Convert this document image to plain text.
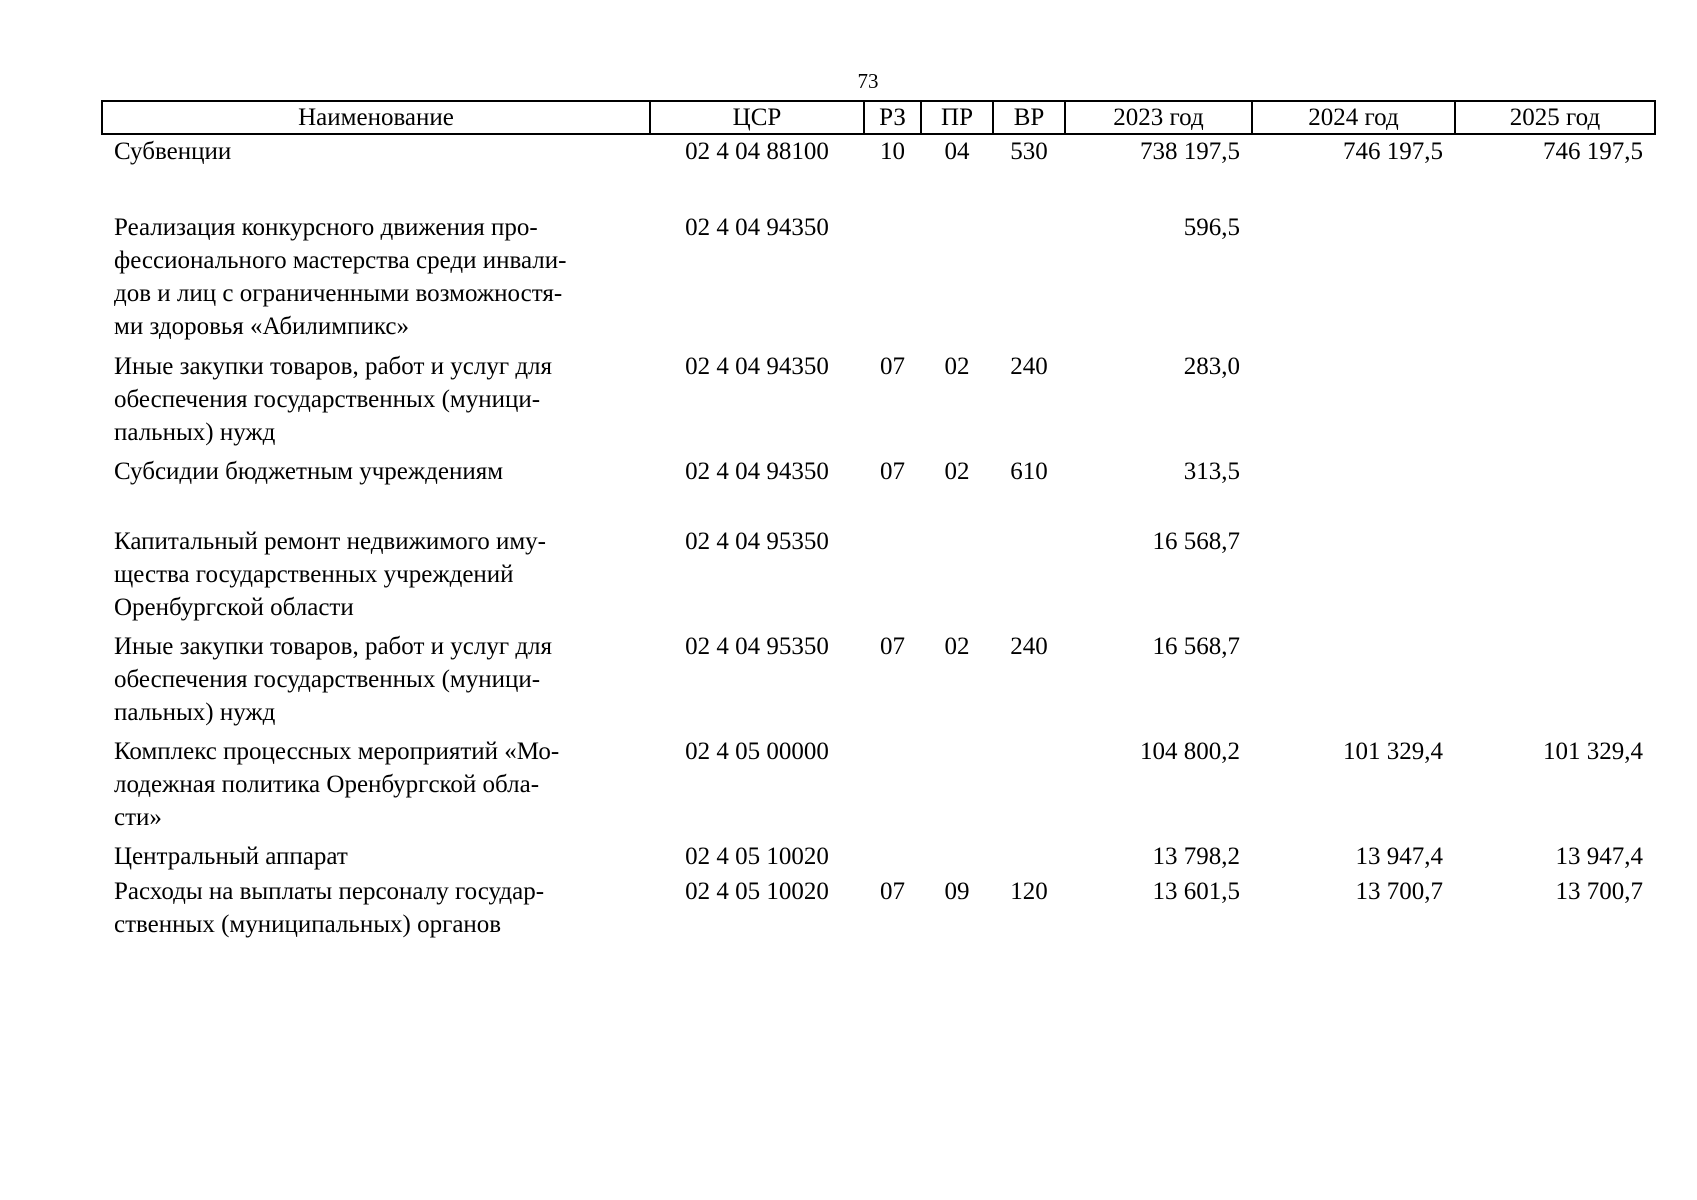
73
Наименование	ЦСР	РЗ	ПР	ВР	2023 год	2024 год	2025 год
Субвенции	02 4 04 88100	10	04	530	738 197,5	746 197,5	746 197,5
Реализация конкурсного движения про-
фессионального мастерства среди инвали-
дов и лиц с ограниченными возможностя-
ми здоровья «Абилимпикс»	02 4 04 94350				596,5		
Иные закупки товаров, работ и услуг для
обеспечения государственных (муници-
пальных) нужд	02 4 04 94350	07	02	240	283,0		
Субсидии бюджетным учреждениям	02 4 04 94350	07	02	610	313,5		
Капитальный ремонт недвижимого иму-
щества государственных учреждений
Оренбургской области	02 4 04 95350				16 568,7		
Иные закупки товаров, работ и услуг для
обеспечения государственных (муници-
пальных) нужд	02 4 04 95350	07	02	240	16 568,7		
Комплекс процессных мероприятий «Мо-
лодежная политика Оренбургской обла-
сти»	02 4 05 00000				104 800,2	101 329,4	101 329,4
Центральный аппарат	02 4 05 10020				13 798,2	13 947,4	13 947,4
Расходы на выплаты персоналу государ-
ственных (муниципальных) органов	02 4 05 10020	07	09	120	13 601,5	13 700,7	13 700,7
